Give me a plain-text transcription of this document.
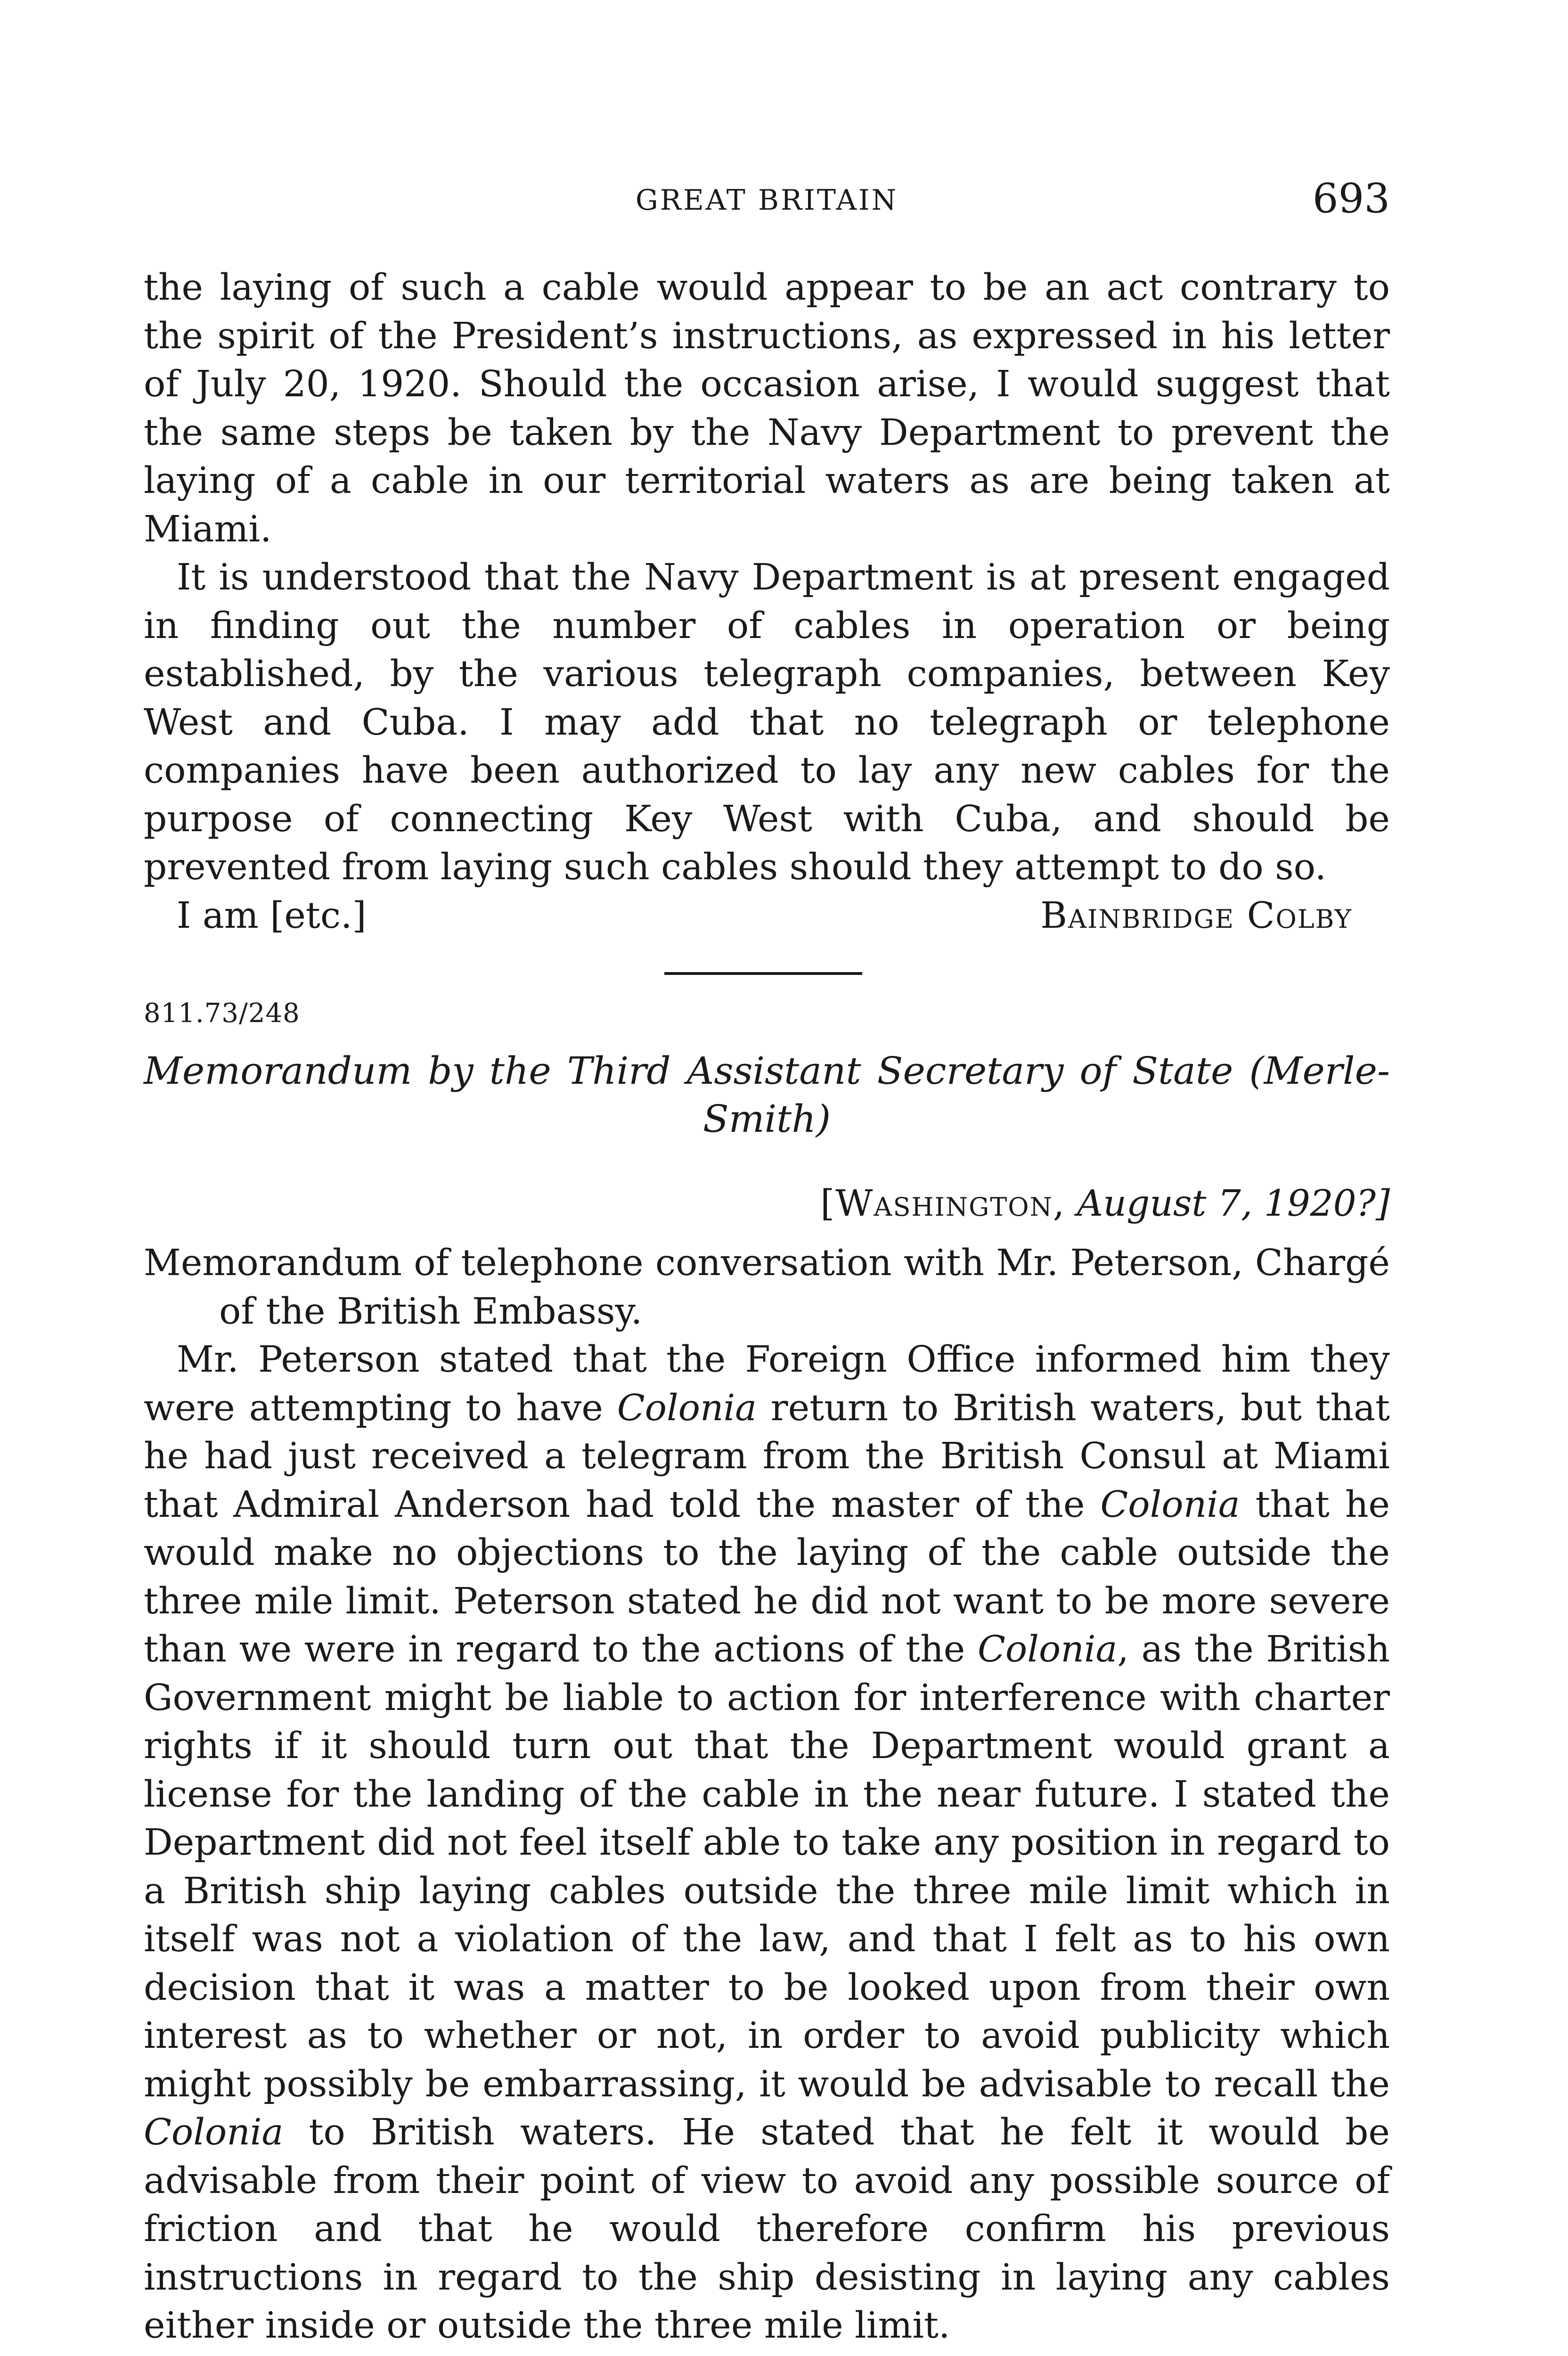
GREAT BRITAIN	693

the laying of such a cable would appear to be an act contrary to the spirit of the President’s instructions, as expressed in his letter of July 20, 1920. Should the occasion arise, I would suggest that the same steps be taken by the Navy Department to prevent the laying of a cable in our territorial waters as are being taken at Miami.

It is understood that the Navy Department is at present engaged in finding out the number of cables in operation or being established, by the various telegraph companies, between Key West and Cuba. I may add that no telegraph or telephone companies have been authorized to lay any new cables for the purpose of connecting Key West with Cuba, and should be prevented from laying such cables should they attempt to do so.

I am [etc.]	Bainbridge Colby
811.73/248
Memorandum by the Third Assistant Secretary of State (Merle-Smith)
[Washington, August 7, 1920?]

Memorandum of telephone conversation with Mr. Peterson, Chargé of the British Embassy.

Mr. Peterson stated that the Foreign Office informed him they were attempting to have Colonia return to British waters, but that he had just received a telegram from the British Consul at Miami that Admiral Anderson had told the master of the Colonia that he would make no objections to the laying of the cable outside the three mile limit. Peterson stated he did not want to be more severe than we were in regard to the actions of the Colonia, as the British Government might be liable to action for interference with charter rights if it should turn out that the Department would grant a license for the landing of the cable in the near future. I stated the Department did not feel itself able to take any position in regard to a British ship laying cables outside the three mile limit which in itself was not a violation of the law, and that I felt as to his own decision that it was a matter to be looked upon from their own interest as to whether or not, in order to avoid publicity which might possibly be embarrassing, it would be advisable to recall the Colonia to British waters. He stated that he felt it would be advisable from their point of view to avoid any possible source of friction and that he would therefore confirm his previous instructions in regard to the ship desisting in laying any cables either inside or outside the three mile limit.
